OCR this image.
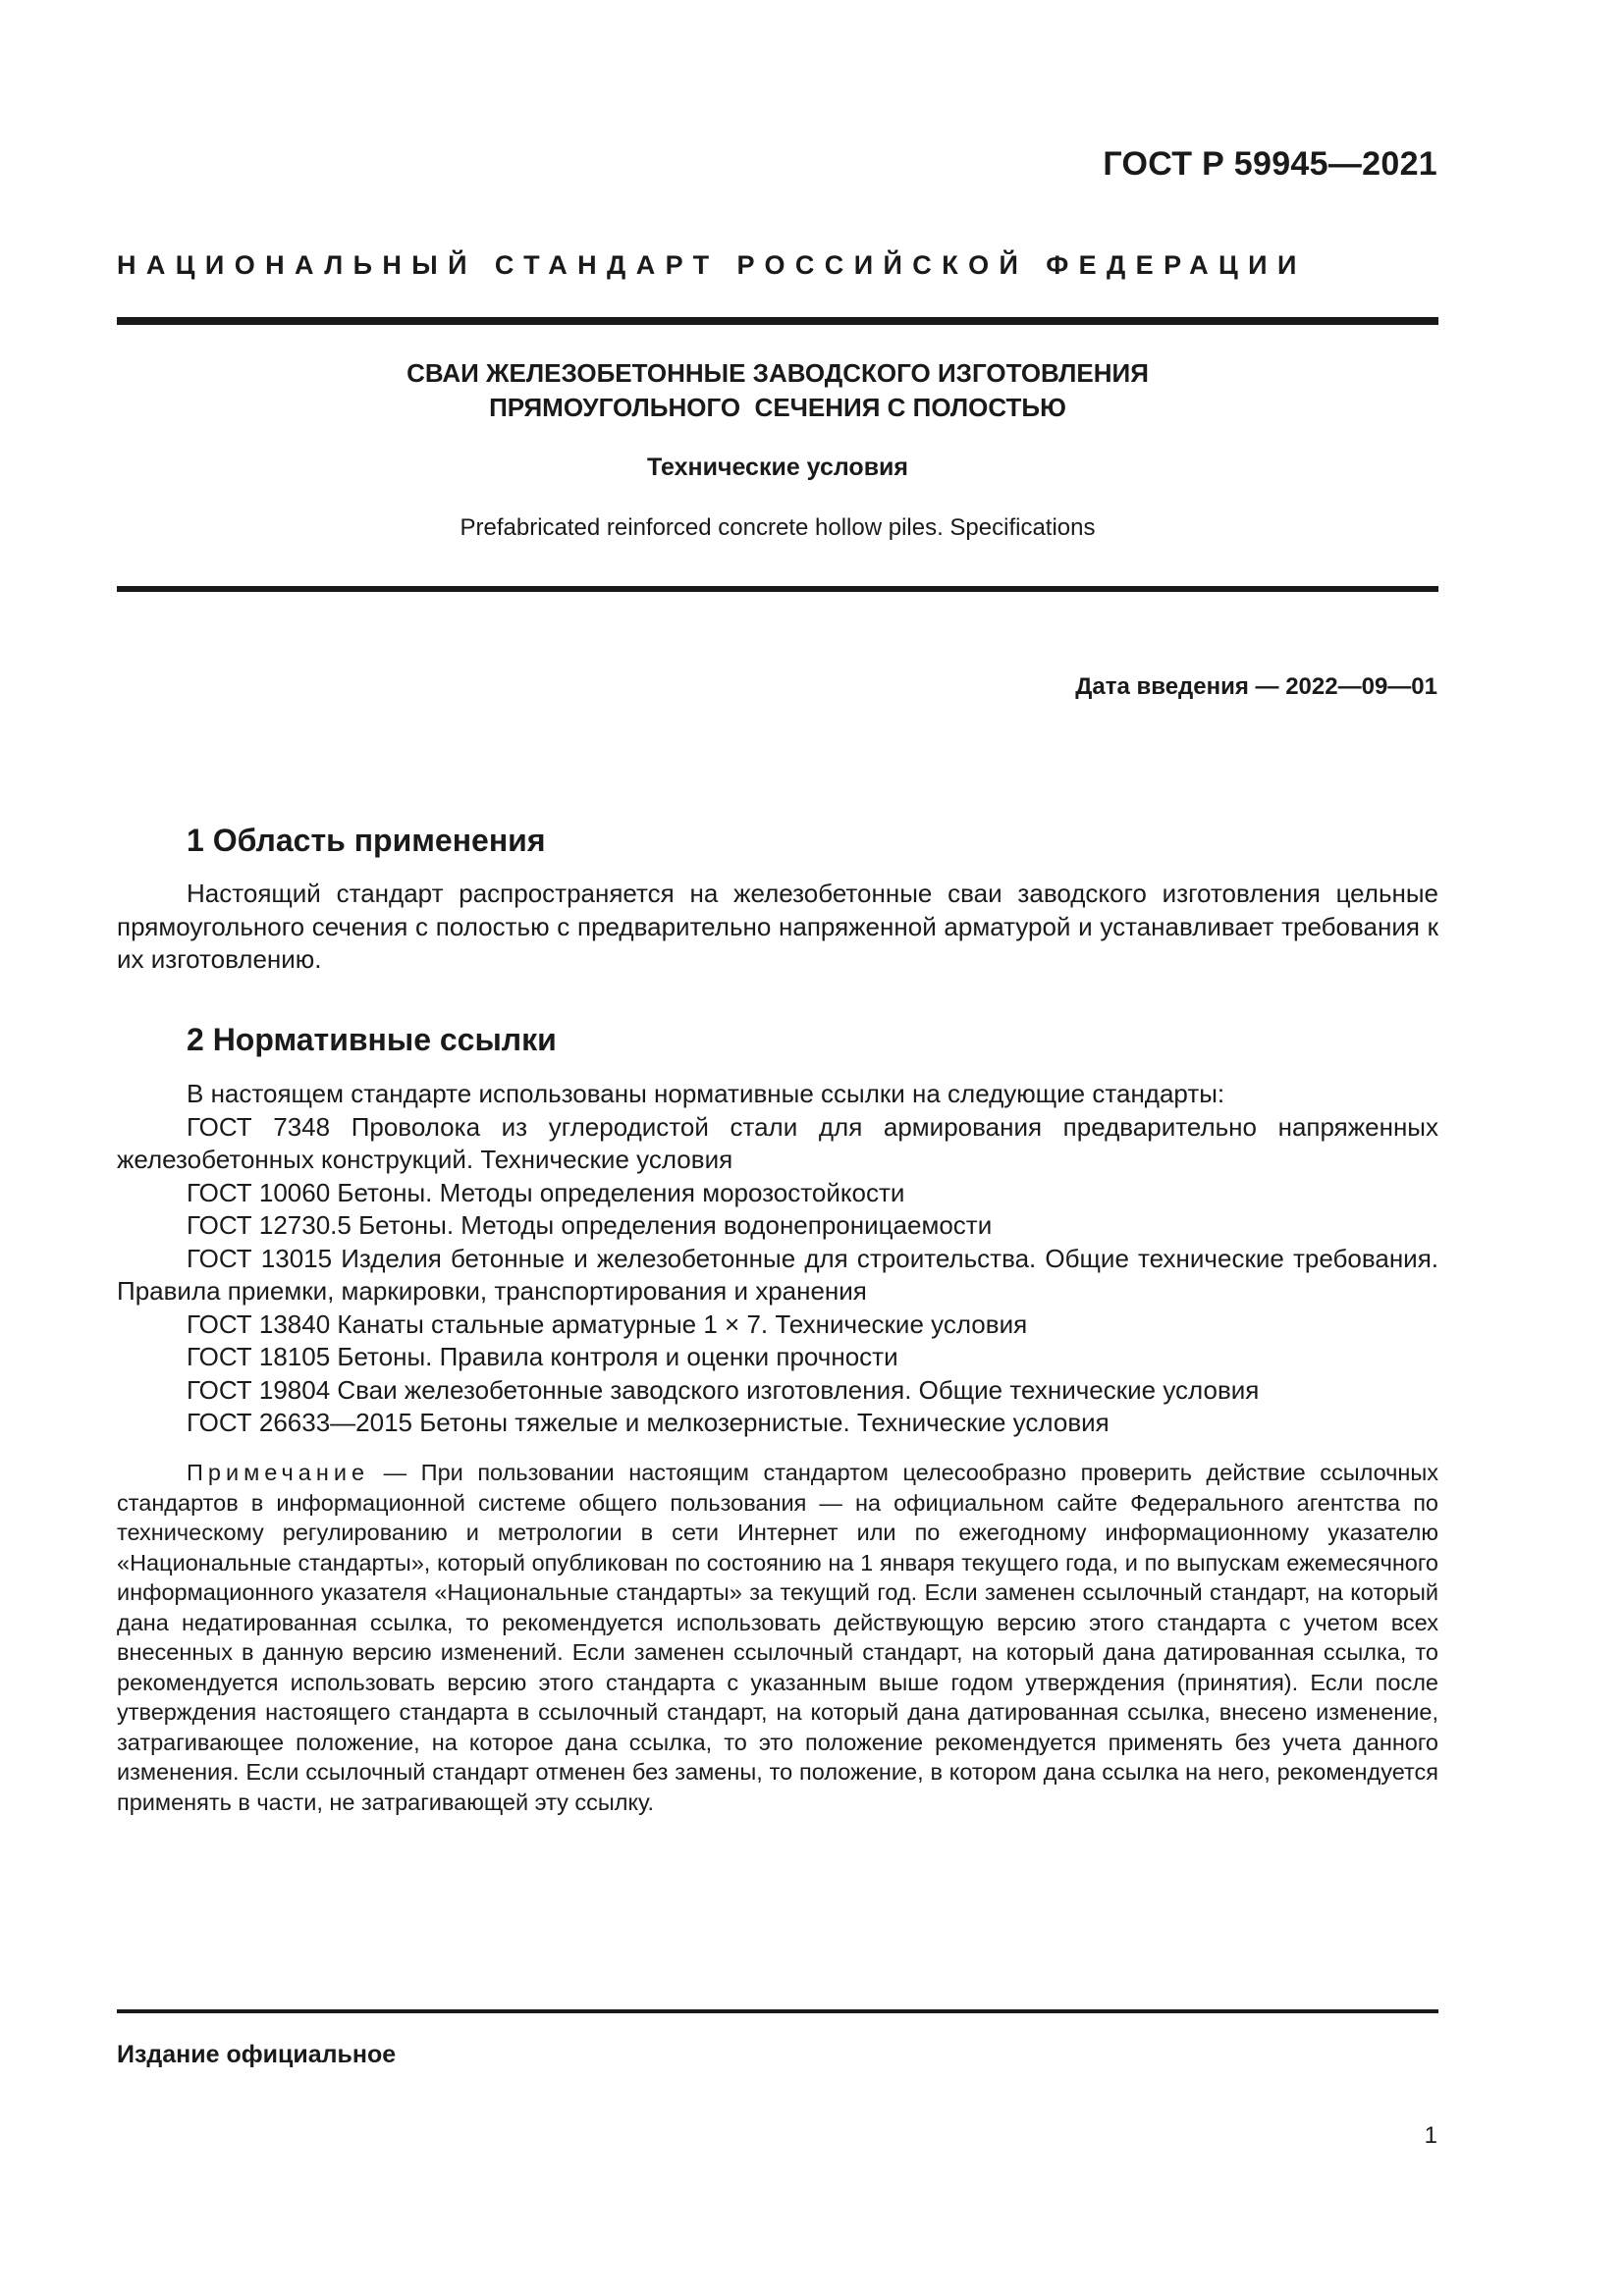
ГОСТ Р 59945—2021
НАЦИОНАЛЬНЫЙ СТАНДАРТ РОССИЙСКОЙ ФЕДЕРАЦИИ
СВАИ ЖЕЛЕЗОБЕТОННЫЕ ЗАВОДСКОГО ИЗГОТОВЛЕНИЯ
ПРЯМОУГОЛЬНОГО  СЕЧЕНИЯ С ПОЛОСТЬЮ
Технические условия
Prefabricated reinforced concrete hollow piles. Specifications
Дата введения — 2022—09—01
1 Область применения
Настоящий стандарт распространяется на железобетонные сваи заводского изготовления цельные прямоугольного сечения с полостью с предварительно напряженной арматурой и устанавливает требования к их изготовлению.
2 Нормативные ссылки
В настоящем стандарте использованы нормативные ссылки на следующие стандарты:
ГОСТ 7348 Проволока из углеродистой стали для армирования предварительно напряженных железобетонных конструкций. Технические условия
ГОСТ 10060 Бетоны. Методы определения морозостойкости
ГОСТ 12730.5 Бетоны. Методы определения водонепроницаемости
ГОСТ 13015 Изделия бетонные и железобетонные для строительства. Общие технические требования. Правила приемки, маркировки, транспортирования и хранения
ГОСТ 13840 Канаты стальные арматурные 1 × 7. Технические условия
ГОСТ 18105 Бетоны. Правила контроля и оценки прочности
ГОСТ 19804 Сваи железобетонные заводского изготовления. Общие технические условия
ГОСТ 26633—2015 Бетоны тяжелые и мелкозернистые. Технические условия
Примечание — При пользовании настоящим стандартом целесообразно проверить действие ссылочных стандартов в информационной системе общего пользования — на официальном сайте Федерального агентства по техническому регулированию и метрологии в сети Интернет или по ежегодному информационному указателю «Национальные стандарты», который опубликован по состоянию на 1 января текущего года, и по выпускам ежемесячного информационного указателя «Национальные стандарты» за текущий год. Если заменен ссылочный стандарт, на который дана недатированная ссылка, то рекомендуется использовать действующую версию этого стандарта с учетом всех внесенных в данную версию изменений. Если заменен ссылочный стандарт, на который дана датированная ссылка, то рекомендуется использовать версию этого стандарта с указанным выше годом утверждения (принятия). Если после утверждения настоящего стандарта в ссылочный стандарт, на который дана датированная ссылка, внесено изменение, затрагивающее положение, на которое дана ссылка, то это положение рекомендуется применять без учета данного изменения. Если ссылочный стандарт отменен без замены, то положение, в котором дана ссылка на него, рекомендуется применять в части, не затрагивающей эту ссылку.
Издание официальное
1
